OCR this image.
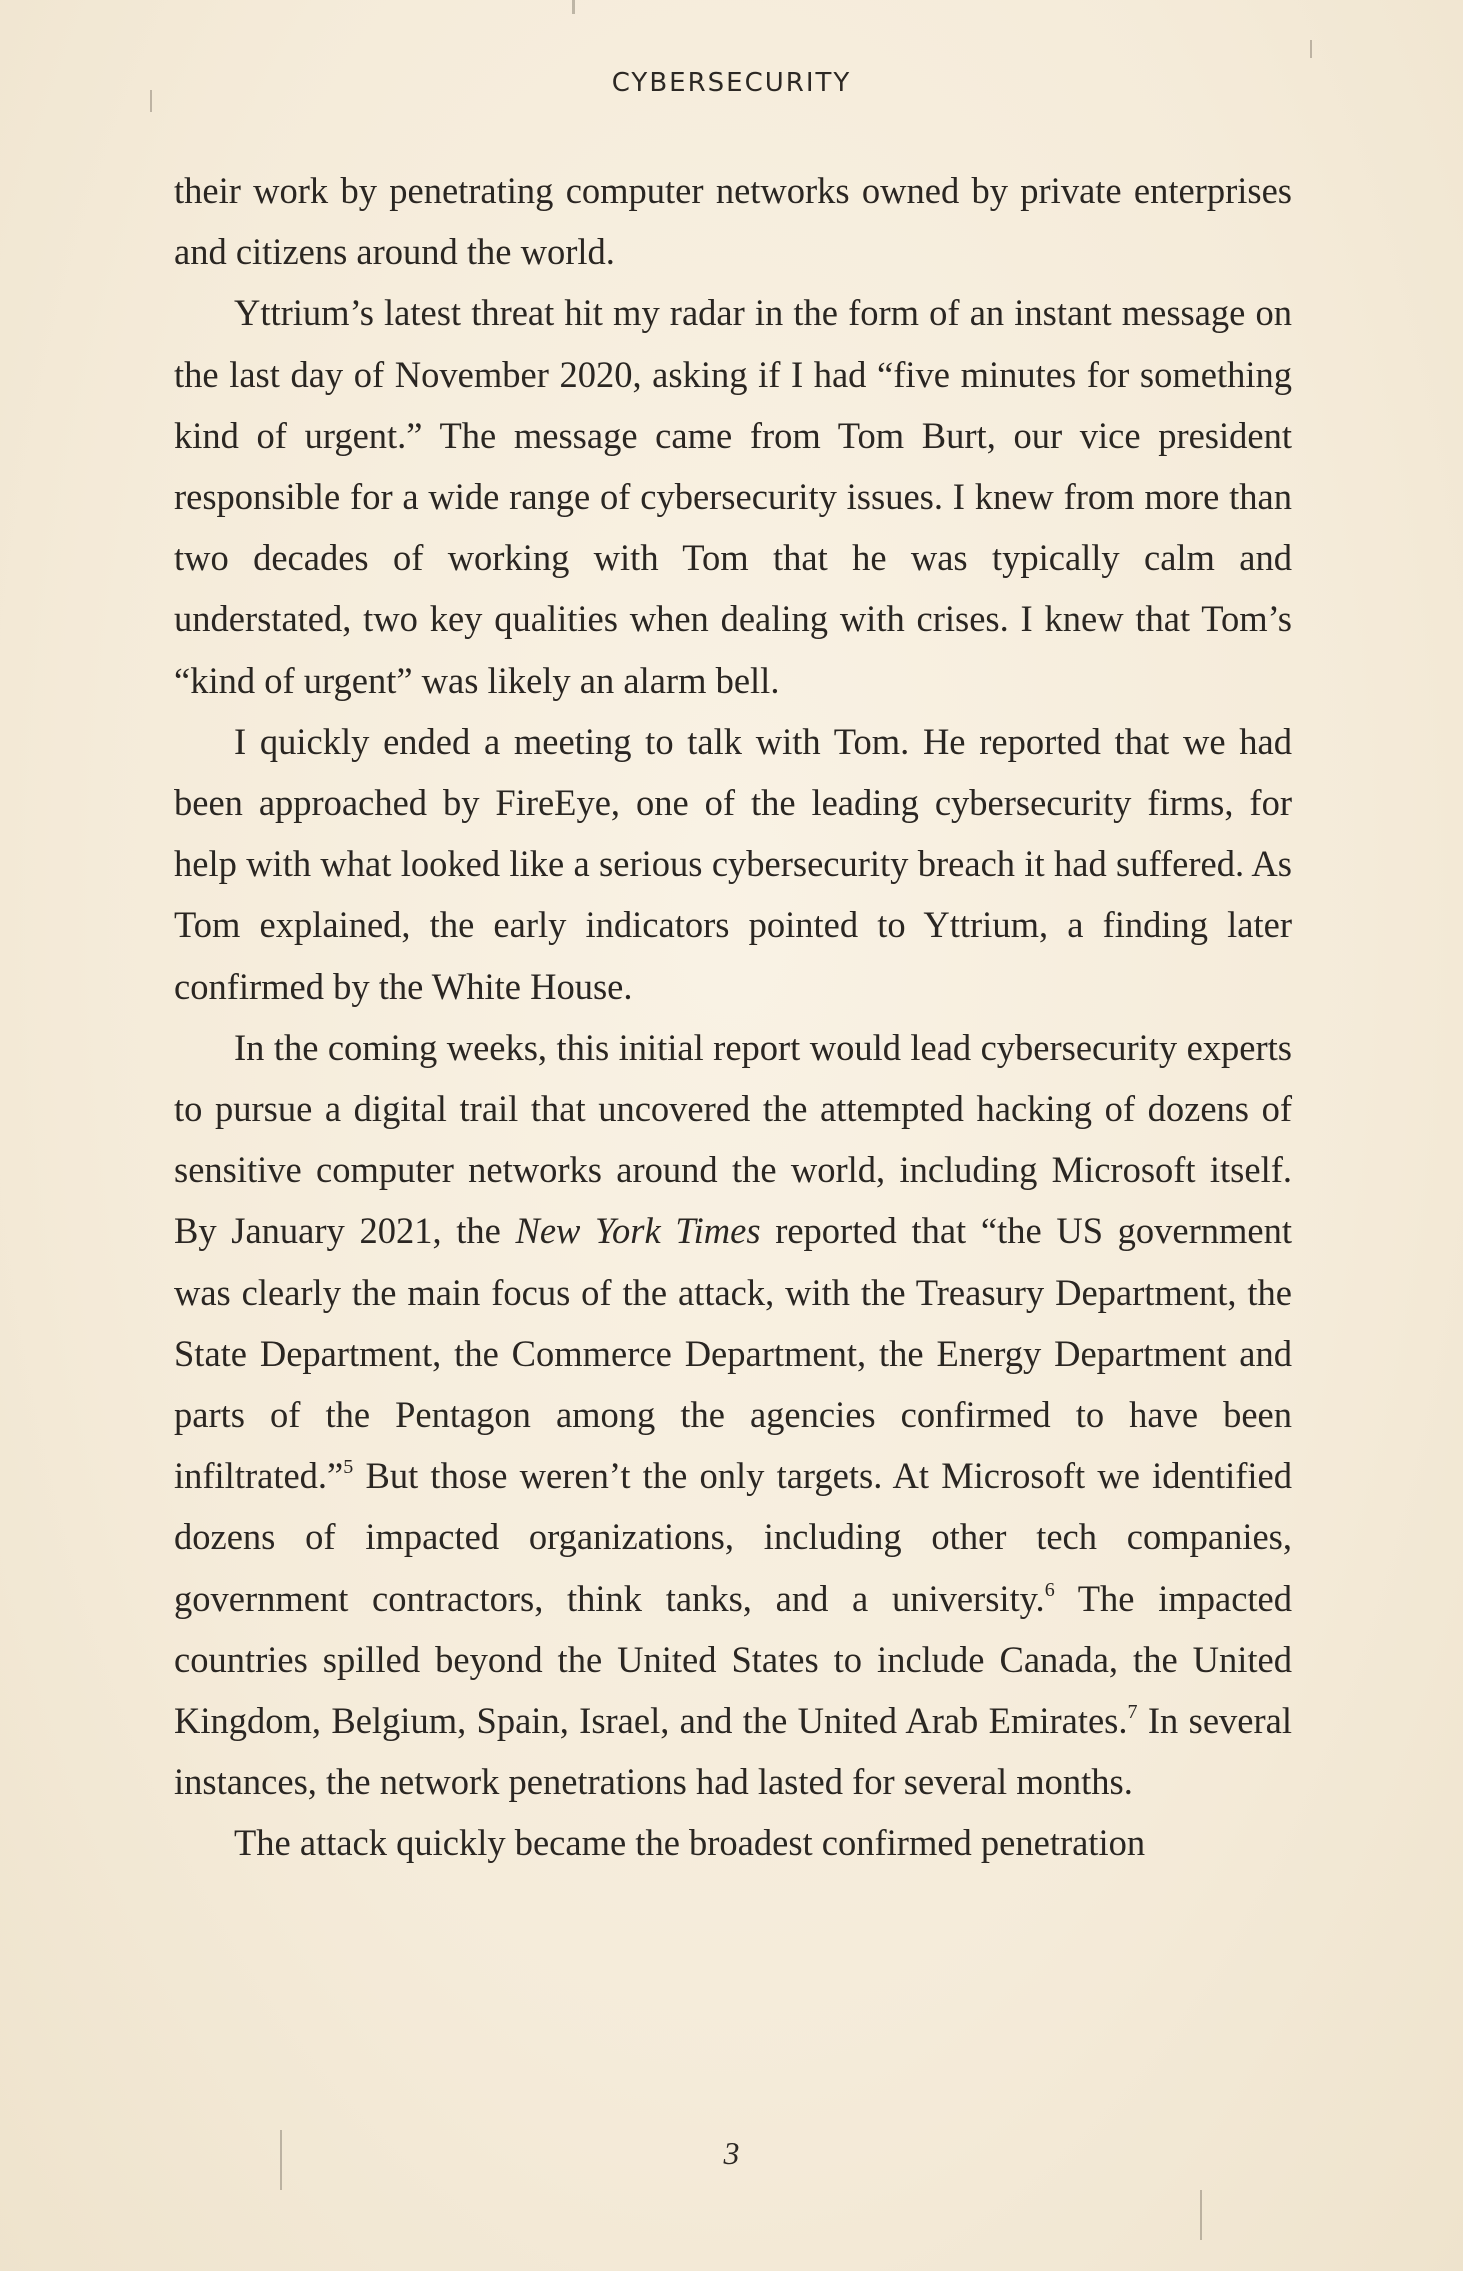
CYBERSECURITY

their work by penetrating computer networks owned by private enterprises and citizens around the world.

Yttrium’s latest threat hit my radar in the form of an instant message on the last day of November 2020, asking if I had “five minutes for something kind of urgent.” The message came from Tom Burt, our vice president responsible for a wide range of cybersecurity issues. I knew from more than two decades of working with Tom that he was typically calm and understated, two key qualities when dealing with crises. I knew that Tom’s “kind of urgent” was likely an alarm bell.

I quickly ended a meeting to talk with Tom. He reported that we had been approached by FireEye, one of the leading cybersecurity firms, for help with what looked like a serious cybersecurity breach it had suffered. As Tom explained, the early indicators pointed to Yttrium, a finding later confirmed by the White House.

In the coming weeks, this initial report would lead cybersecurity experts to pursue a digital trail that uncovered the attempted hacking of dozens of sensitive computer networks around the world, including Microsoft itself. By January 2021, the New York Times reported that “the US government was clearly the main focus of the attack, with the Treasury Department, the State Department, the Commerce Department, the Energy Department and parts of the Pentagon among the agencies confirmed to have been infiltrated.”$^5$ But those weren’t the only targets. At Microsoft we identified dozens of impacted organizations, including other tech companies, government contractors, think tanks, and a university.$^6$ The impacted countries spilled beyond the United States to include Canada, the United Kingdom, Belgium, Spain, Israel, and the United Arab Emirates.$^7$ In several instances, the network penetrations had lasted for several months.

The attack quickly became the broadest confirmed penetration

3
